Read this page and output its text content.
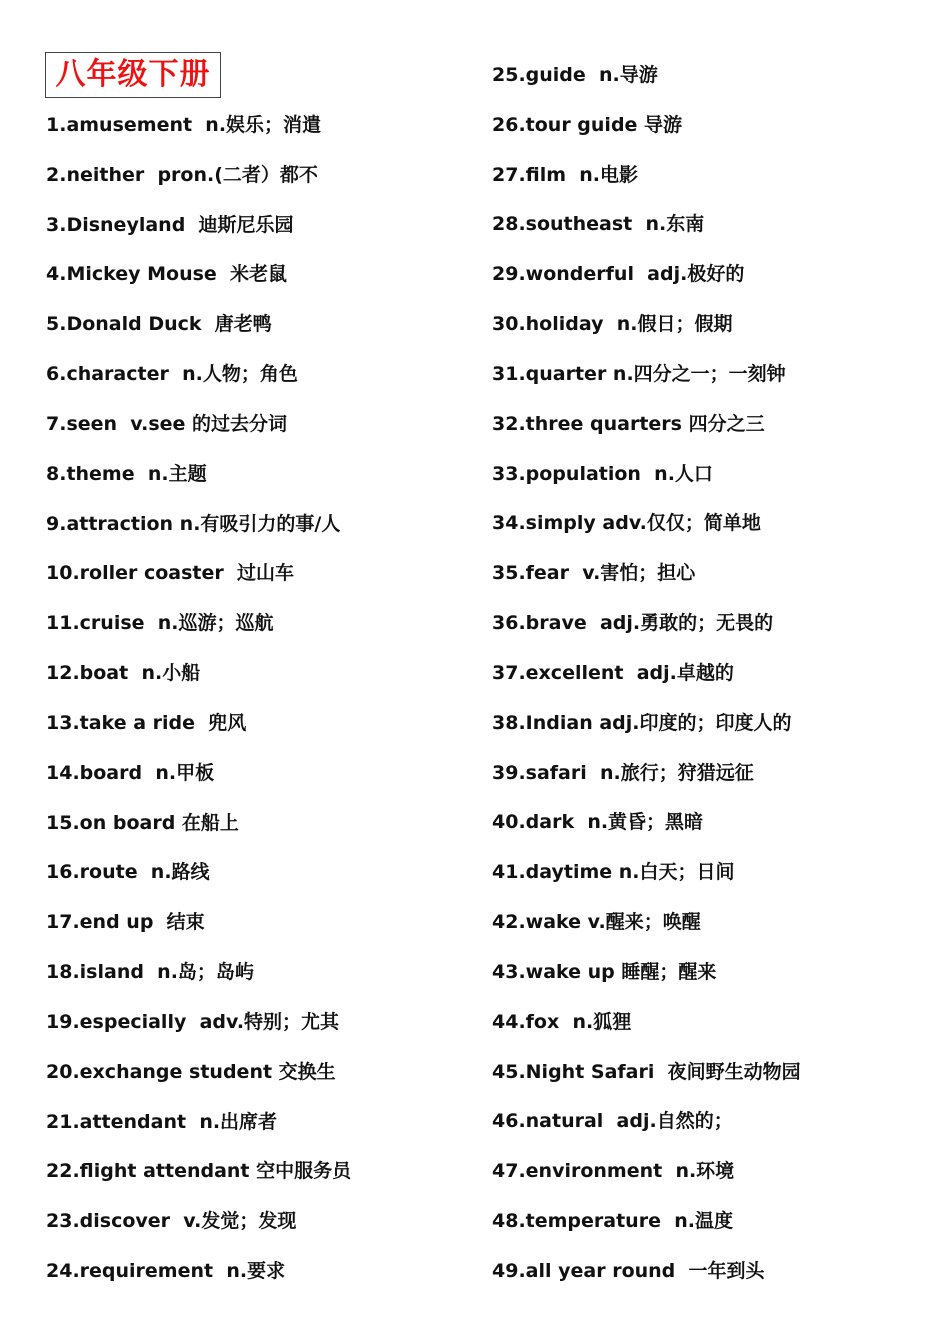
八年级下册
1.amusement  n.娱乐；消遣
2.neither  pron.(二者）都不
3.Disneyland  迪斯尼乐园
4.Mickey Mouse  米老鼠
5.Donald Duck  唐老鸭
6.character  n.人物；角色
7.seen  v.see 的过去分词
8.theme  n.主题
9.attraction n.有吸引力的事/人
10.roller coaster  过山车
11.cruise  n.巡游；巡航
12.boat  n.小船
13.take a ride  兜风
14.board  n.甲板
15.on board 在船上
16.route  n.路线
17.end up  结束
18.island  n.岛；岛屿
19.especially  adv.特别；尤其
20.exchange student 交换生
21.attendant  n.出席者
22.flight attendant 空中服务员
23.discover  v.发觉；发现
24.requirement  n.要求
25.guide  n.导游
26.tour guide 导游
27.film  n.电影
28.southeast  n.东南
29.wonderful  adj.极好的
30.holiday  n.假日；假期
31.quarter n.四分之一；一刻钟
32.three quarters 四分之三
33.population  n.人口
34.simply adv.仅仅；简单地
35.fear  v.害怕；担心
36.brave  adj.勇敢的；无畏的
37.excellent  adj.卓越的
38.Indian adj.印度的；印度人的
39.safari  n.旅行；狩猎远征
40.dark  n.黄昏；黑暗
41.daytime n.白天；日间
42.wake v.醒来；唤醒
43.wake up 睡醒；醒来
44.fox  n.狐狸
45.Night Safari  夜间野生动物园
46.natural  adj.自然的；
47.environment  n.环境
48.temperature  n.温度
49.all year round  一年到头
